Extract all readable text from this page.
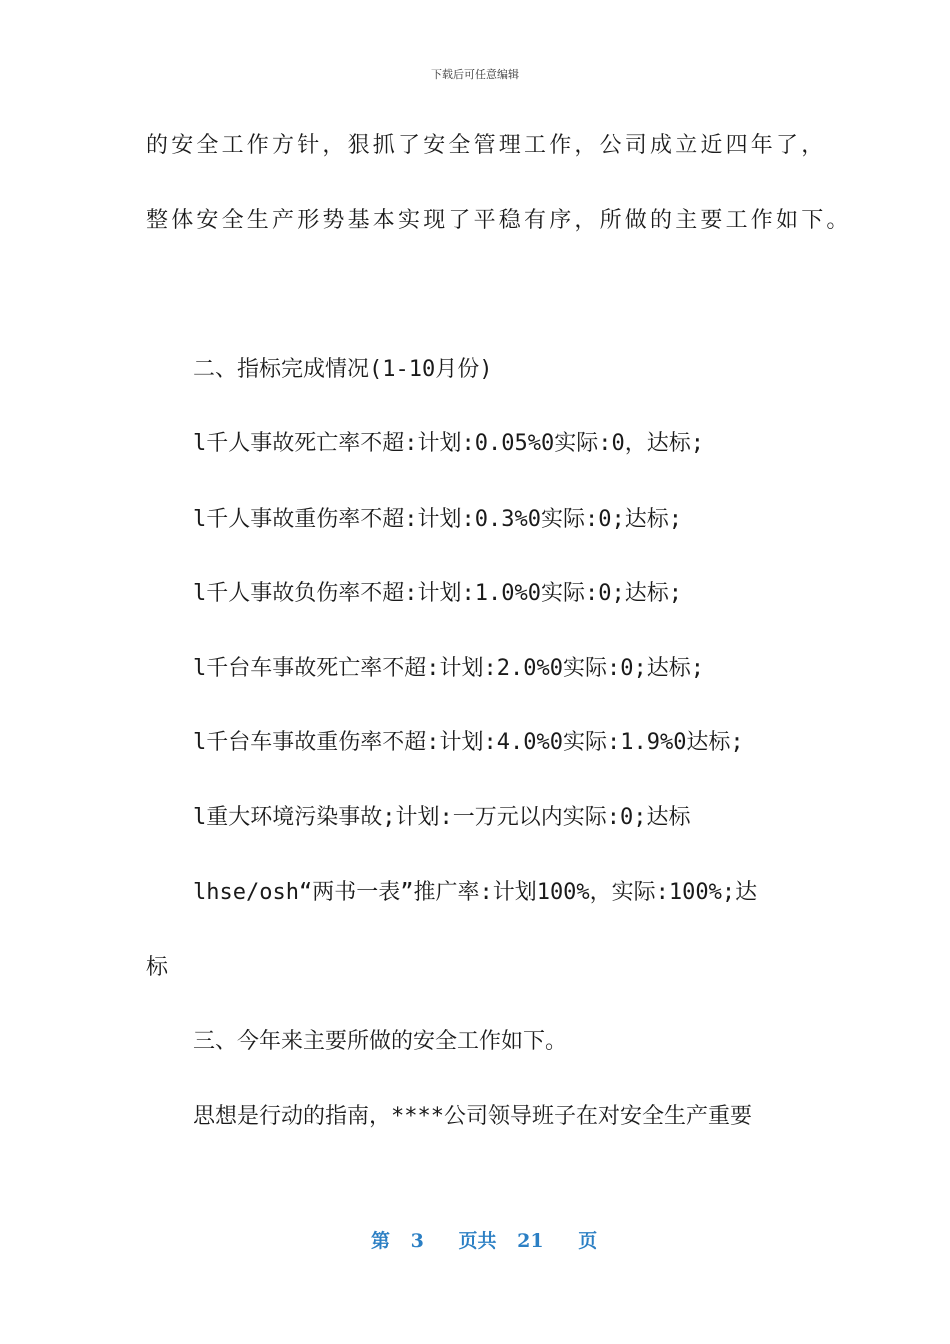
下载后可任意编辑
的安全工作方针，狠抓了安全管理工作，公司成立近四年了，
整体安全生产形势基本实现了平稳有序，所做的主要工作如下。
二、指标完成情况(1-10月份)
l千人事故死亡率不超:计划:0.05%0实际:0，达标;
l千人事故重伤率不超:计划:0.3%0实际:0;达标;
l千人事故负伤率不超:计划:1.0%0实际:0;达标;
l千台车事故死亡率不超:计划:2.0%0实际:0;达标;
l千台车事故重伤率不超:计划:4.0%0实际:1.9%0达标;
l重大环境污染事故;计划:一万元以内实际:0;达标
lhse/osh“两书一表”推广率:计划100%，实际:100%;达
标
三、今年来主要所做的安全工作如下。
思想是行动的指南，****公司领导班子在对安全生产重要
第 3 页共 21 页
